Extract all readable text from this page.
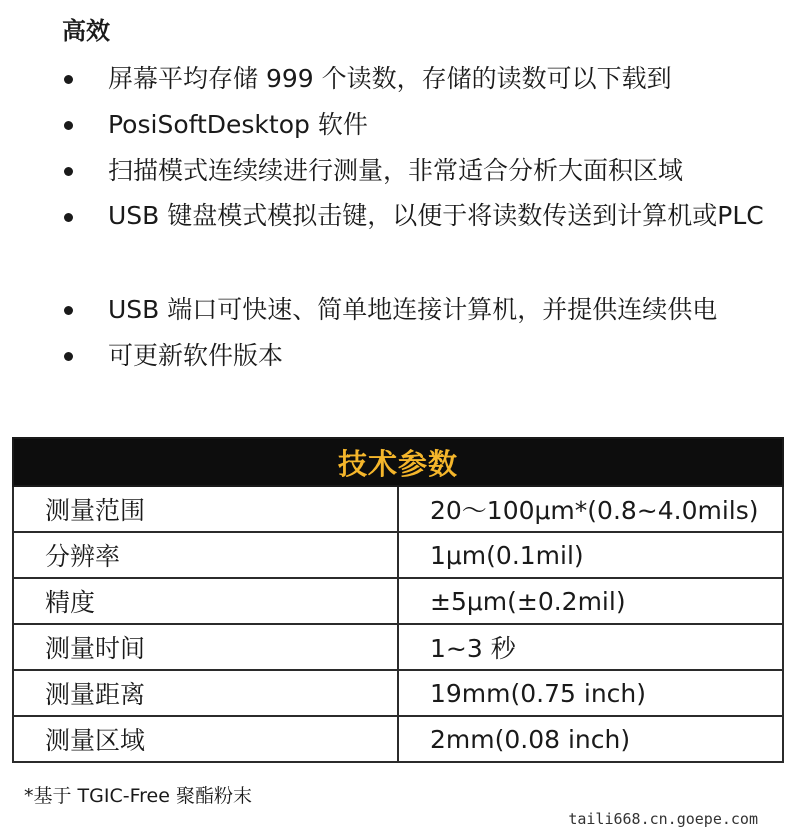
高效
屏幕平均存储 999 个读数，存储的读数可以下载到
PosiSoftDesktop 软件
扫描模式连续续进行测量，非常适合分析大面积区域
USB 键盘模式模拟击键，以便于将读数传送到计算机或PLC
USB 端口可快速、简单地连接计算机，并提供连续供电
可更新软件版本
技术参数	
测量范围	20～100μm*(0.8~4.0mils)
分辨率	1μm(0.1mil)
精度	±5μm(±0.2mil)
测量时间	1~3 秒
测量距离	19mm(0.75 inch)
测量区域	2mm(0.08 inch)
*基于 TGIC-Free 聚酯粉末
taili668.cn.goepe.com
